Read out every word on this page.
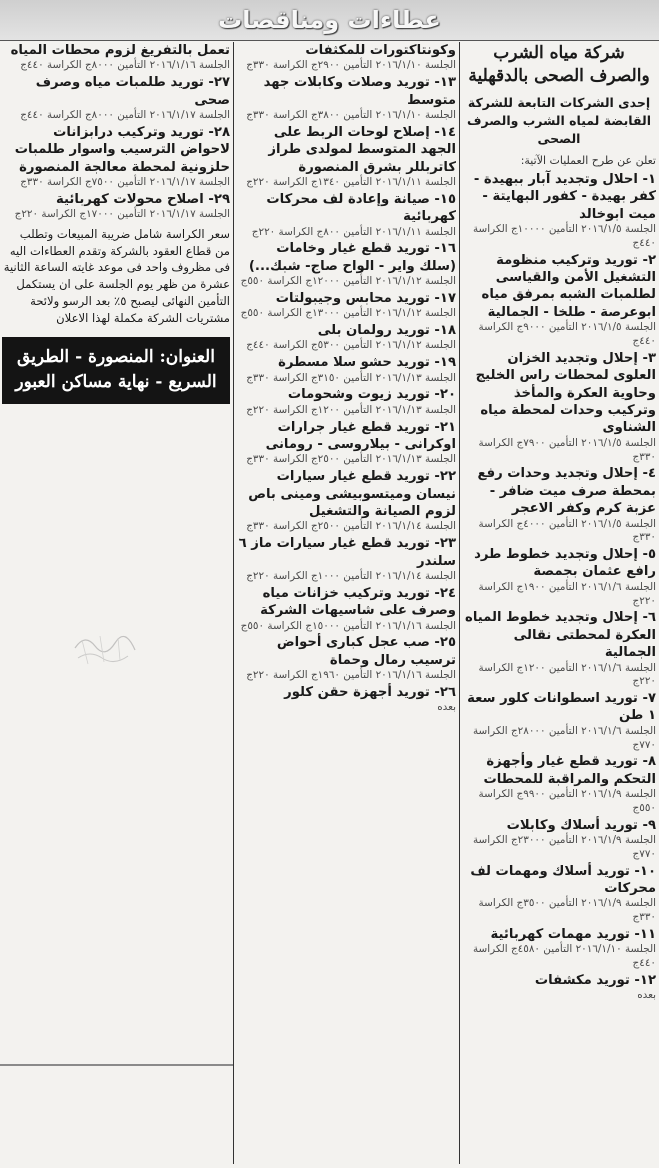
عطاءات ومناقصات
شركة مياه الشرب والصرف الصحى بالدقهلية
إحدى الشركات التابعة للشركة القابضة لمياه الشرب والصرف الصحى
تعلن عن طرح العمليات الآتية:
١- احلال وتجديد آبار ببهيدة - كفر بهيدة - كفور البهايتة - ميت ابوخالد
الجلسة ٢٠١٦/١/٥ التأمين ١٠٠٠٠ج الكراسة ٤٤٠ج
٢- توريد وتركيب منظومة التشغيل الأمن والقياسى لطلمبات الشبه بمرفق مياه ابوعرصة - طلخا - الجمالية
الجلسة ٢٠١٦/١/٥ التأمين ٩٠٠٠ج الكراسة ٤٤٠ج
٣- إحلال وتجديد الخزان العلوى لمحطات راس الخليج وحاوية العكرة والمأخذ وتركيب وحدات لمحطة مياه الشناوى
الجلسة ٢٠١٦/١/٥ التأمين ٧٩٠٠ج الكراسة ٣٣٠ج
٤- إحلال وتجديد وحدات رفع بمحطة صرف ميت ضافر - عزبة كرم وكفر الاعجر
الجلسة ٢٠١٦/١/٥ التأمين ٤٠٠٠ج الكراسة ٣٣٠ج
٥- إحلال وتجديد خطوط طرد رافع عثمان بجمصة
الجلسة ٢٠١٦/١/٦ التأمين ١٩٠٠ج الكراسة ٢٢٠ج
٦- إحلال وتجديد خطوط المياه العكرة لمحطتى نقالى الجمالية
الجلسة ٢٠١٦/١/٦ التأمين ١٢٠٠ج الكراسة ٢٢٠ج
٧- توريد اسطوانات كلور سعة ١ طن
الجلسة ٢٠١٦/١/٦ التأمين ٢٨٠٠٠ج الكراسة ٧٧٠ج
٨- توريد قطع غيار وأجهزة التحكم والمراقبة للمحطات
الجلسة ٢٠١٦/١/٩ التأمين ٩٩٠٠ج الكراسة ٥٥٠ج
٩- توريد أسلاك وكابلات
الجلسة ٢٠١٦/١/٩ التأمين ٢٣٠٠٠ج الكراسة ٧٧٠ج
١٠- توريد أسلاك ومهمات لف محركات
الجلسة ٢٠١٦/١/٩ التأمين ٣٥٠٠ج الكراسة ٣٣٠ج
١١- توريد مهمات كهربائية
الجلسة ٢٠١٦/١/١٠ التأمين ٤٥٨٠ج الكراسة ٤٤٠ج
١٢- توريد مكشفات
بعده
وكونتاكتورات للمكثفات
الجلسة ٢٠١٦/١/١٠ التأمين ٢٩٠٠ج الكراسة ٣٣٠ج
١٣- توريد وصلات وكابلات جهد متوسط
الجلسة ٢٠١٦/١/١٠ التأمين ٣٨٠٠ج الكراسة ٣٣٠ج
١٤- إصلاح لوحات الربط على الجهد المتوسط لمولدى طراز كاتربللر بشرق المنصورة
الجلسة ٢٠١٦/١/١١ التأمين ١٣٤٠ج الكراسة ٢٢٠ج
١٥- صيانة وإعادة لف محركات كهربائية
الجلسة ٢٠١٦/١/١١ التأمين ٨٠٠ج الكراسة ٢٢٠ج
١٦- توريد قطع غيار وخامات (سلك واير - الواح صاج- شبك...)
الجلسة ٢٠١٦/١/١٢ التأمين ١٢٠٠٠ج الكراسة ٥٥٠ج
١٧- توريد محابس وجيبولتات
الجلسة ٢٠١٦/١/١٢ التأمين ١٣٠٠٠ج الكراسة ٥٥٠ج
١٨- توريد رولمان بلى
الجلسة ٢٠١٦/١/١٢ التأمين ٥٣٠٠ج الكراسة ٤٤٠ج
١٩- توريد حشو سلا مسطرة
الجلسة ٢٠١٦/١/١٣ التأمين ٣١٥٠ج الكراسة ٣٣٠ج
٢٠- توريد زيوت وشحومات
الجلسة ٢٠١٦/١/١٣ التأمين ١٢٠٠ج الكراسة ٢٢٠ج
٢١- توريد قطع غيار جرارات اوكرانى - بيلاروسى - رومانى
الجلسة ٢٠١٦/١/١٣ التأمين ٢٥٠٠ج الكراسة ٣٣٠ج
٢٢- توريد قطع غيار سيارات نيسان وميتسوبيشى ومينى باص لزوم الصيانة والتشغيل
الجلسة ٢٠١٦/١/١٤ التأمين ٢٥٠٠ج الكراسة ٣٣٠ج
٢٣- توريد قطع غيار سيارات ماز ٦ سلندر
الجلسة ٢٠١٦/١/١٤ التأمين ١٠٠٠ج الكراسة ٢٢٠ج
٢٤- توريد وتركيب خزانات مياه وصرف على شاسيهات الشركة
الجلسة ٢٠١٦/١/١٦ التأمين ١٥٠٠٠ج الكراسة ٥٥٠ج
٢٥- صب عجل كبارى أحواض ترسيب رمال وحماة
الجلسة ٢٠١٦/١/١٦ التأمين ١٩٦٠ج الكراسة ٢٢٠ج
٢٦- توريد أجهزة حقن كلور
بعده
تعمل بالتفريغ لزوم محطات المياه
الجلسة ٢٠١٦/١/١٦ التأمين ٨٠٠٠ج الكراسة ٤٤٠ج
٢٧- توريد طلمبات مياه وصرف صحى
الجلسة ٢٠١٦/١/١٧ التأمين ٨٠٠٠ج الكراسة ٤٤٠ج
٢٨- توريد وتركيب درابزانات لاحواض الترسيب واسوار طلمبات حلزونية لمحطة معالجة المنصورة
الجلسة ٢٠١٦/١/١٧ التأمين ٧٥٠٠ج الكراسة ٣٣٠ج
٢٩- اصلاح محولات كهربائية
الجلسة ٢٠١٦/١/١٧ التأمين ١٧٠٠٠ج الكراسة ٢٢٠ج
سعر الكراسة شامل ضريبة المبيعات وتطلب من قطاع العقود بالشركة وتقدم العطاءات اليه فى مظروف واحد فى موعد غايته الساعة الثانية عشرة من ظهر يوم الجلسة على ان يستكمل التأمين النهائى ليصبح ٥٪ بعد الرسو ولائحة مشتريات الشركة مكملة لهذا الاعلان
العنوان: المنصورة - الطريق السريع - نهاية مساكن العبور
